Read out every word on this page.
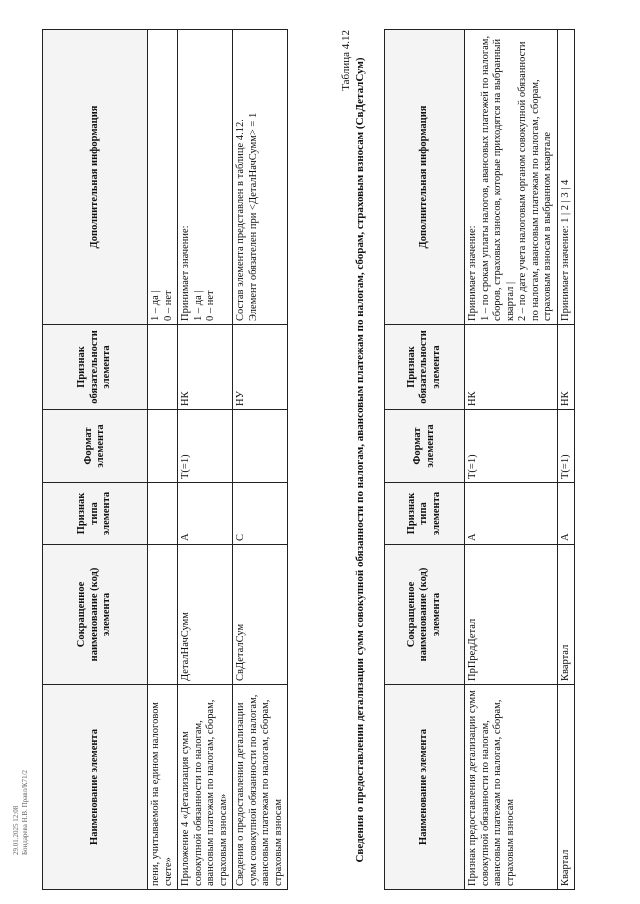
29.01.2025 12:08 Бондарева Н.В. Правл/К71/2	Наименование элемента	Сокращенное наименование (код) элемента	Признак типа элемента	Формат элемента	Признак обязательности элемента	Дополнительная информация
пени, учитываемой на едином налоговом счете»					1 – да |
0 – нет
Приложение 4 «Детализация сумм совокупной обязанности по налогам, авансовым платежам по налогам, сборам, страховым взносам»	ДеталНачСумм	А	Т(=1)	НК	Принимает значение:
1 – да |
0 – нет
Сведения о предоставлении детализации сумм совокупной обязанности по налогам, авансовым платежам по налогам, сборам, страховым взносам	СвДеталСум	С		НУ	Состав элемента представлен в таблице 4.12.
Элемент обязателен при <ДеталНачСумм> = 1
Таблица 4.12 Сведения о предоставлении детализации сумм совокупной обязанности по налогам, авансовым платежам по налогам, сборам, страховым взносам (СвДеталСум)	Наименование элемента	Сокращенное наименование (код) элемента	Признак типа элемента	Формат элемента	Признак обязательности элемента	Дополнительная информация
Признак предоставления детализации сумм совокупной обязанности по налогам, авансовым платежам по налогам, сборам, страховым взносам	ПрПредДетал	А	Т(=1)	НК	Принимает значение:
1 – по срокам уплаты налогов, авансовых платежей по налогам, сборов, страховых взносов, которые приходятся на выбранный квартал |
2 – по дате учета налоговым органом совокупной обязанности по налогам, авансовым платежам по налогам, сборам, страховым взносам в выбранном квартале
Квартал	Квартал	А	Т(=1)	НК	Принимает значение: 1 | 2 | 3 | 4
